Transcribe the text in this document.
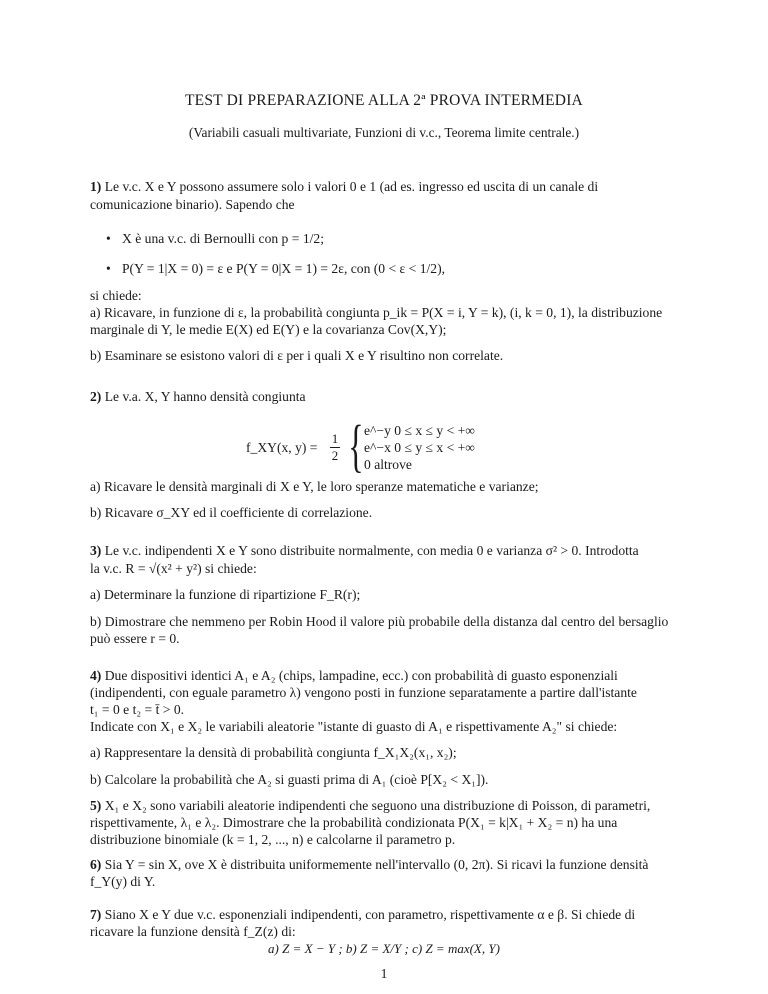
TEST DI PREPARAZIONE ALLA 2ª PROVA INTERMEDIA
(Variabili casuali multivariate, Funzioni di v.c., Teorema limite centrale.)
1) Le v.c. X e Y possono assumere solo i valori 0 e 1 (ad es. ingresso ed uscita di un canale di
comunicazione binario). Sapendo che
• X è una v.c. di Bernoulli con p = 1/2;
• P(Y = 1|X = 0) = ε e P(Y = 0|X = 1) = 2ε, con (0 < ε < 1/2),
si chiede:
a) Ricavare, in funzione di ε, la probabilità congiunta p_ik = P(X = i, Y = k), (i, k = 0, 1), la distribuzione
marginale di Y, le medie E(X) ed E(Y) e la covarianza Cov(X,Y);
b) Esaminare se esistono valori di ε per i quali X e Y risultino non correlate.
2) Le v.a. X, Y hanno densità congiunta
f_XY(x, y) =
1
2 { e^−y 0 ≤ x ≤ y < +∞
e^−x 0 ≤ y ≤ x < +∞
0 altrove
a) Ricavare le densità marginali di X e Y, le loro speranze matematiche e varianze;
b) Ricavare σ_XY ed il coefficiente di correlazione.
3) Le v.c. indipendenti X e Y sono distribuite normalmente, con media 0 e varianza σ² > 0. Introdotta
la v.c. R = √(x² + y²) si chiede:
a) Determinare la funzione di ripartizione F_R(r);
b) Dimostrare che nemmeno per Robin Hood il valore più probabile della distanza dal centro del bersaglio
può essere r = 0.
4) Due dispositivi identici A₁ e A₂ (chips, lampadine, ecc.) con probabilità di guasto esponenziali
(indipendenti, con eguale parametro λ) vengono posti in funzione separatamente a partire dall'istante
t₁ = 0 e t₂ = t̄ > 0.
Indicate con X₁ e X₂ le variabili aleatorie "istante di guasto di A₁ e rispettivamente A₂" si chiede:
a) Rappresentare la densità di probabilità congiunta f_X₁X₂(x₁, x₂);
b) Calcolare la probabilità che A₂ si guasti prima di A₁ (cioè P[X₂ < X₁]).
5) X₁ e X₂ sono variabili aleatorie indipendenti che seguono una distribuzione di Poisson, di parametri,
rispettivamente, λ₁ e λ₂. Dimostrare che la probabilità condizionata P(X₁ = k|X₁ + X₂ = n) ha una
distribuzione binomiale (k = 1, 2, ..., n) e calcolarne il parametro p.
6) Sia Y = sin X, ove X è distribuita uniformemente nell'intervallo (0, 2π). Si ricavi la funzione densità
f_Y(y) di Y.
1
7) Siano X e Y due v.c. esponenziali indipendenti, con parametro, rispettivamente α e β. Si chiede di
ricavare la funzione densità f_Z(z) di:
a) Z = X − Y ; b) Z = X/Y ; c) Z = max(X, Y)
